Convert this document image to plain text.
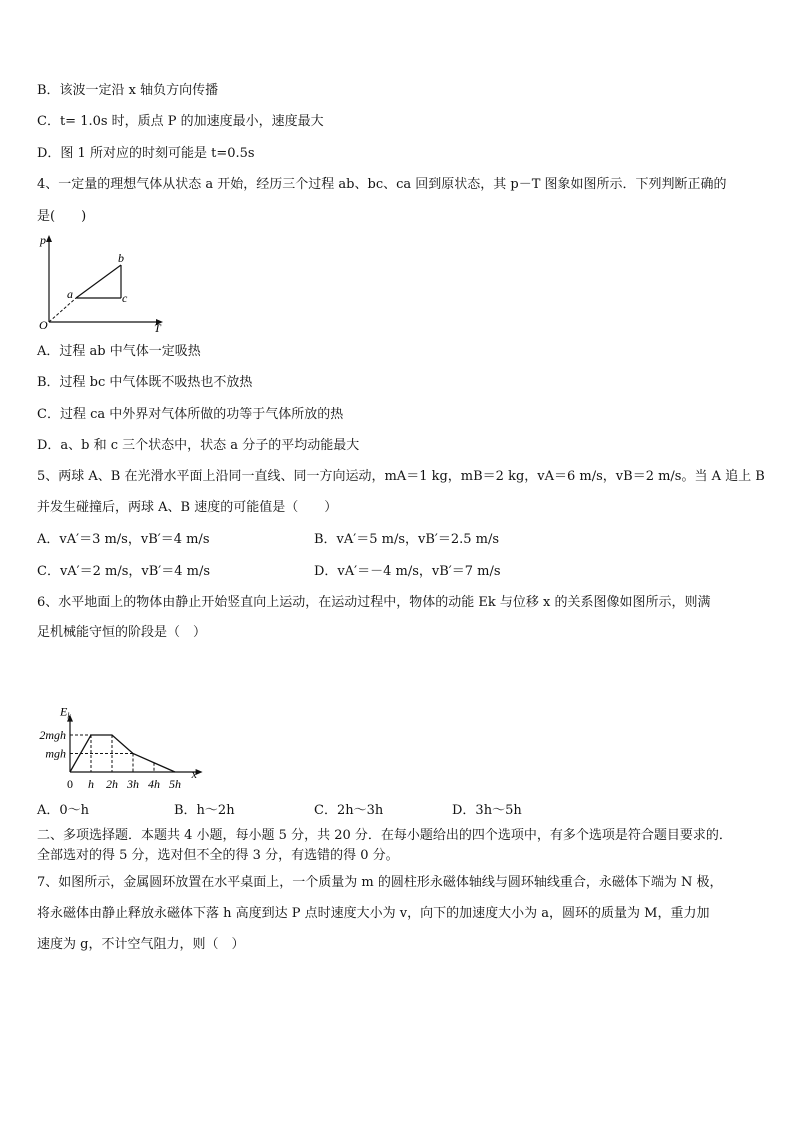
B．该波一定沿 x 轴负方向传播
C．t= 1.0s 时，质点 P 的加速度最小，速度最大
D．图 1 所对应的时刻可能是 t=0.5s
4、一定量的理想气体从状态 a 开始，经历三个过程 ab、bc、ca 回到原状态，其 p－T 图象如图所示．下列判断正确的
是(　　)
p
T
O
a
b
c
A．过程 ab 中气体一定吸热
B．过程 bc 中气体既不吸热也不放热
C．过程 ca 中外界对气体所做的功等于气体所放的热
D．a、b 和 c 三个状态中，状态 a 分子的平均动能最大
5、两球 A、B 在光滑水平面上沿同一直线、同一方向运动，mA＝1 kg，mB＝2 kg，vA＝6 m/s，vB＝2 m/s。当 A 追上 B
并发生碰撞后，两球 A、B 速度的可能值是（　　）
A．vA′＝3 m/s，vB′＝4 m/s	B．vA′＝5 m/s，vB′＝2.5 m/s
C．vA′＝2 m/s，vB′＝4 m/s	D．vA′＝－4 m/s，vB′＝7 m/s
6、水平地面上的物体由静止开始竖直向上运动，在运动过程中，物体的动能 Ek 与位移 x 的关系图像如图所示，则满
足机械能守恒的阶段是（　）
$E_k$
x
0 h 2h 3h 4h 5h
mgh
2mgh
A．0～h	B．h～2h	C．2h～3h	D．3h～5h
二、多项选择题．本题共 4 小题，每小题 5 分，共 20 分．在每小题给出的四个选项中，有多个选项是符合题目要求的．
全部选对的得 5 分，选对但不全的得 3 分，有选错的得 0 分。
7、如图所示，金属圆环放置在水平桌面上，一个质量为 m 的圆柱形永磁体轴线与圆环轴线重合，永磁体下端为 N 极，
将永磁体由静止释放永磁体下落 h 高度到达 P 点时速度大小为 v，向下的加速度大小为 a，圆环的质量为 M，重力加
速度为 g，不计空气阻力，则（　）
